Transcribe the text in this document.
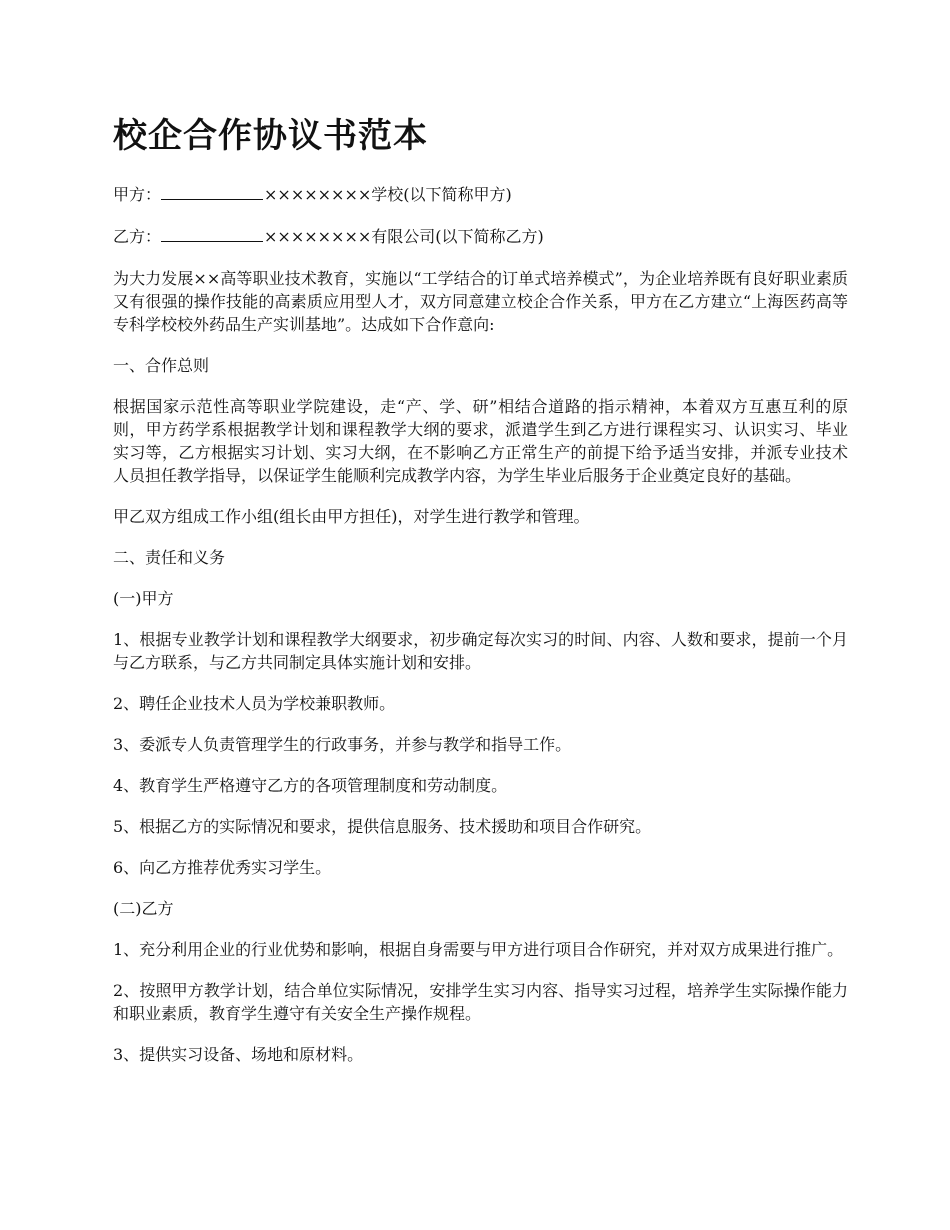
校企合作协议书范本

甲方：	××××××××学校(以下简称甲方)

乙方：	××××××××有限公司(以下简称乙方)

为大力发展××高等职业技术教育，实施以“工学结合的订单式培养模式”，为企业培养既有良好职业素质又有很强的操作技能的高素质应用型人才，双方同意建立校企合作关系，甲方在乙方建立“上海医药高等专科学校校外药品生产实训基地”。达成如下合作意向:

一、合作总则

根据国家示范性高等职业学院建设，走“产、学、研”相结合道路的指示精神，本着双方互惠互利的原则，甲方药学系根据教学计划和课程教学大纲的要求，派遣学生到乙方进行课程实习、认识实习、毕业实习等，乙方根据实习计划、实习大纲，在不影响乙方正常生产的前提下给予适当安排，并派专业技术人员担任教学指导，以保证学生能顺利完成教学内容，为学生毕业后服务于企业奠定良好的基础。

甲乙双方组成工作小组(组长由甲方担任)，对学生进行教学和管理。

二、责任和义务

(一)甲方

1、根据专业教学计划和课程教学大纲要求，初步确定每次实习的时间、内容、人数和要求，提前一个月与乙方联系，与乙方共同制定具体实施计划和安排。

2、聘任企业技术人员为学校兼职教师。

3、委派专人负责管理学生的行政事务，并参与教学和指导工作。

4、教育学生严格遵守乙方的各项管理制度和劳动制度。

5、根据乙方的实际情况和要求，提供信息服务、技术援助和项目合作研究。

6、向乙方推荐优秀实习学生。

(二)乙方

1、充分利用企业的行业优势和影响，根据自身需要与甲方进行项目合作研究，并对双方成果进行推广。

2、按照甲方教学计划，结合单位实际情况，安排学生实习内容、指导实习过程，培养学生实际操作能力和职业素质，教育学生遵守有关安全生产操作规程。

3、提供实习设备、场地和原材料。
